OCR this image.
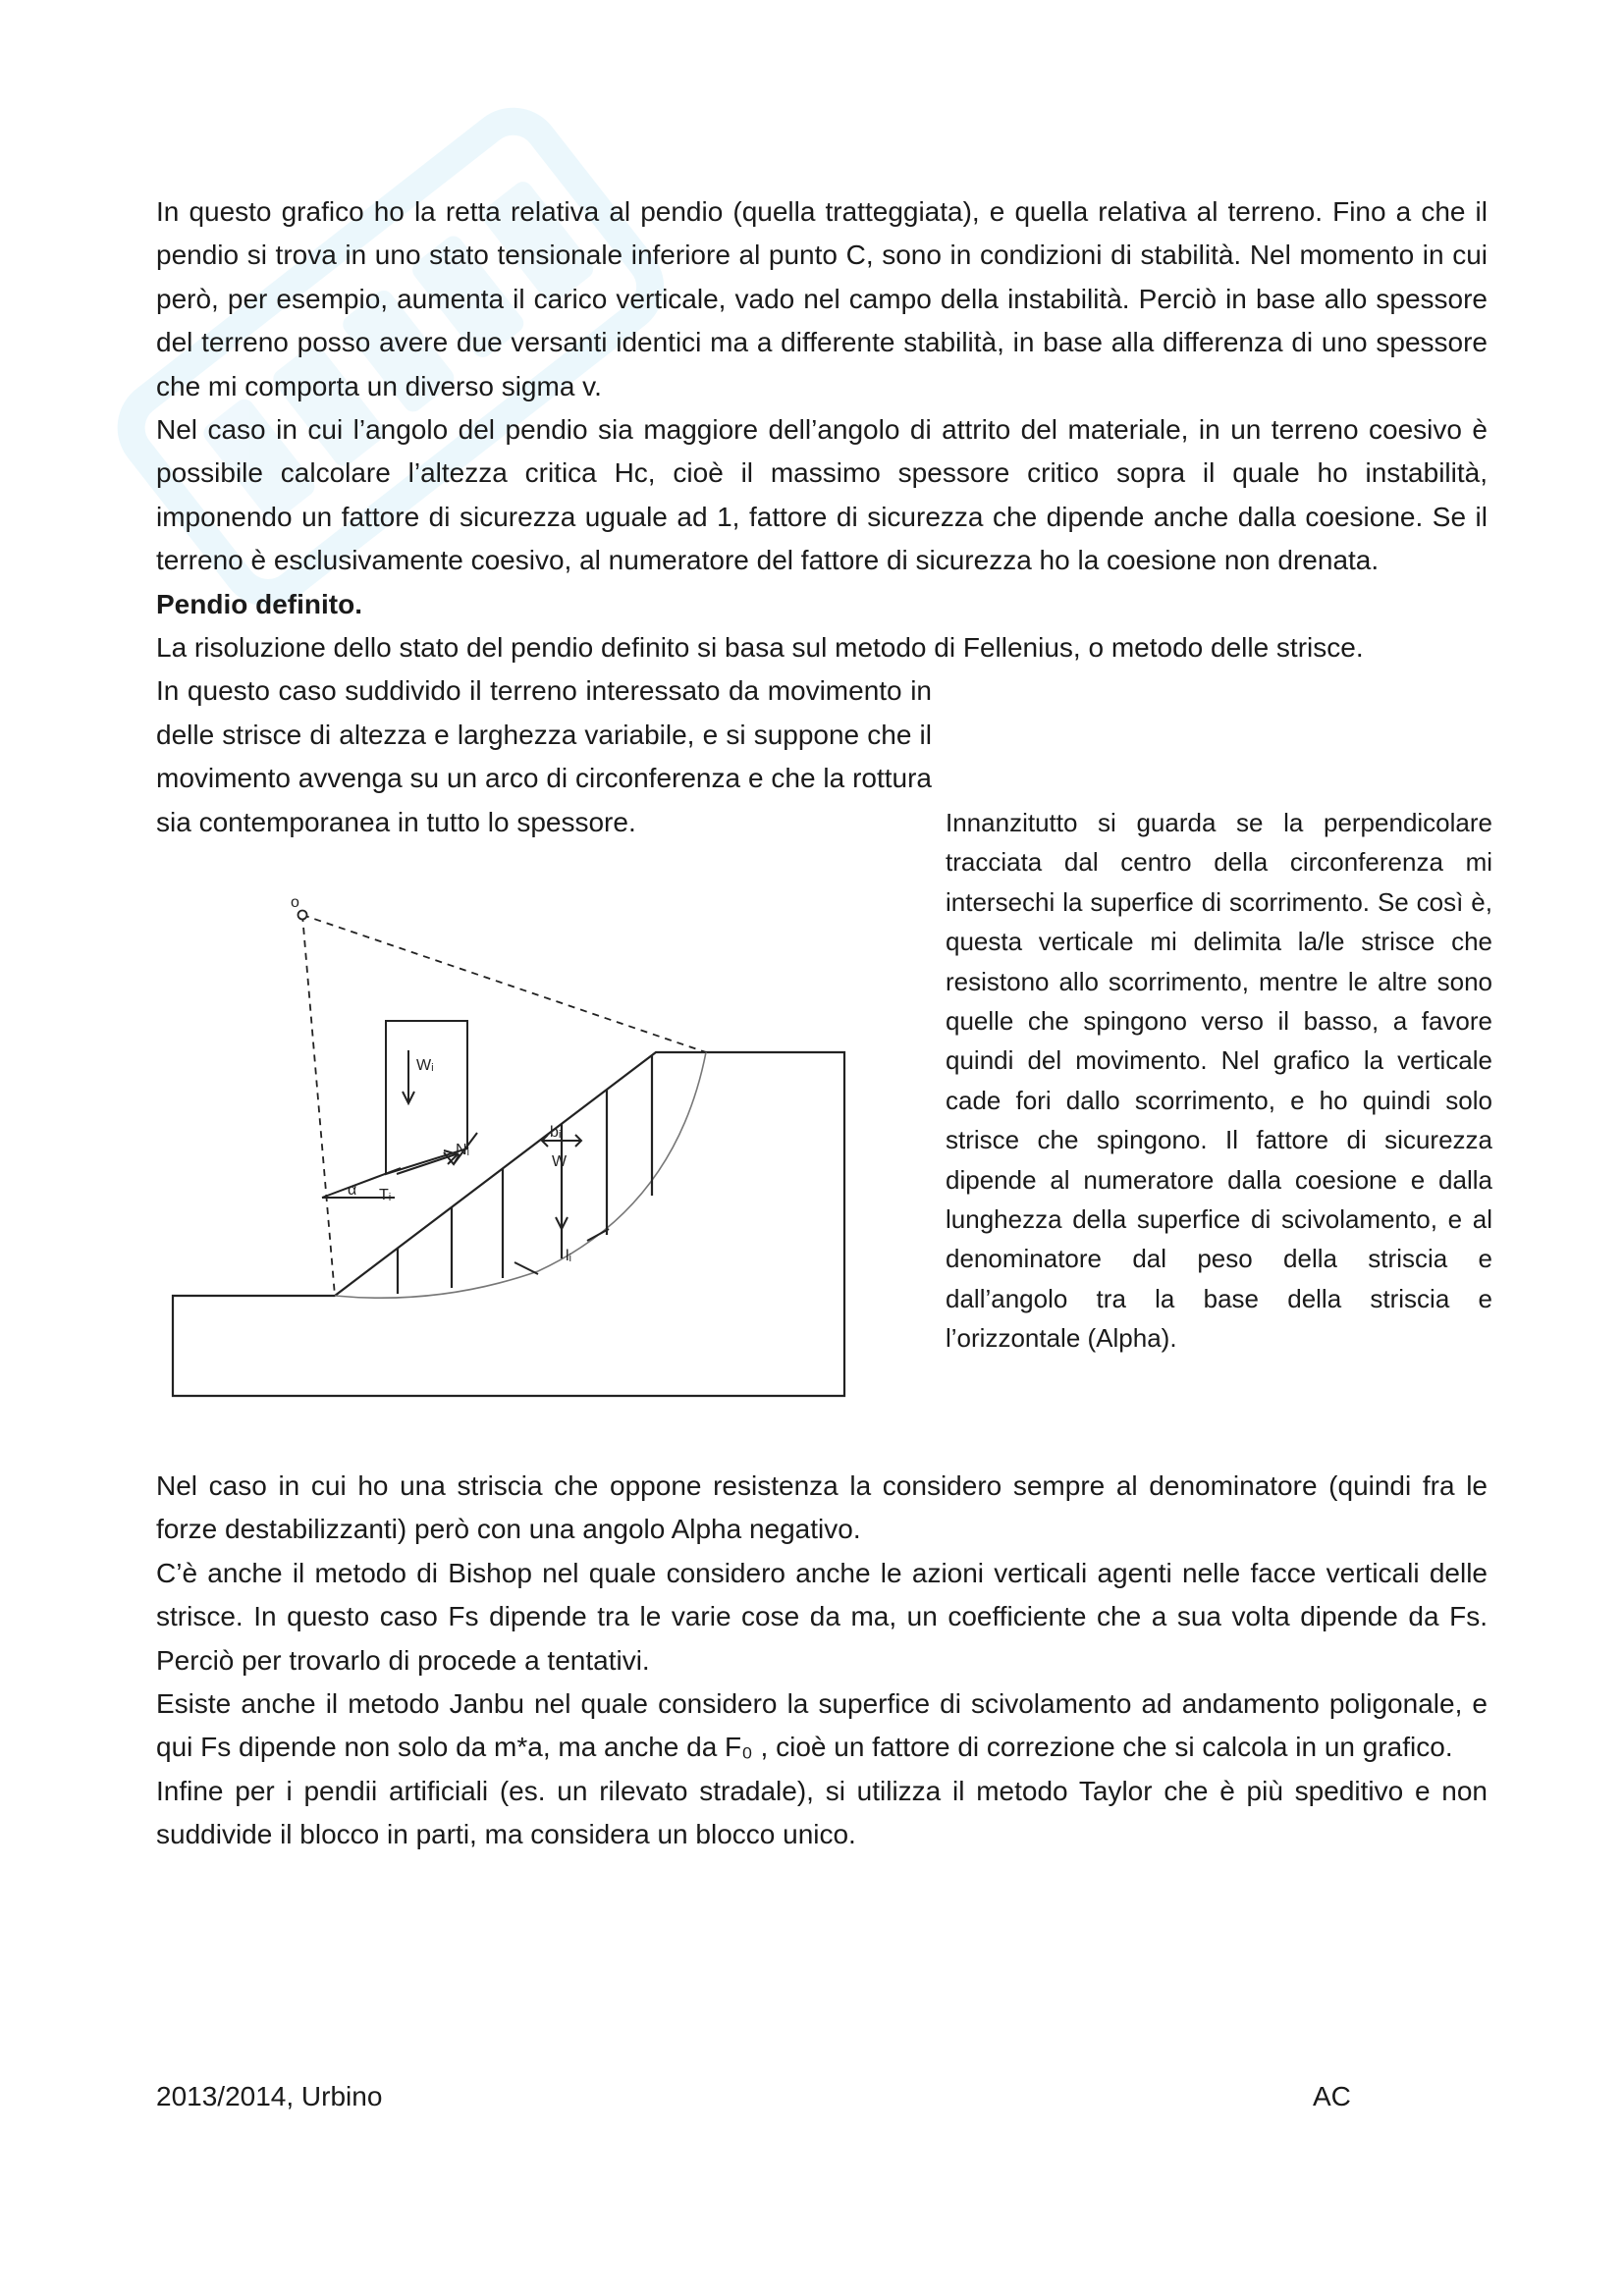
In questo grafico ho la retta relativa al pendio (quella tratteggiata), e quella relativa al terreno. Fino a che il pendio si trova in uno stato tensionale inferiore al punto C, sono in condizioni di stabilità. Nel momento in cui però, per esempio, aumenta il carico verticale, vado nel campo della instabilità. Perciò in base allo spessore del terreno posso avere due versanti identici ma a differente stabilità, in base alla differenza di uno spessore che mi comporta un diverso sigma v.

Nel caso in cui l’angolo del pendio sia maggiore dell’angolo di attrito del materiale, in un terreno coesivo è possibile calcolare l’altezza critica Hc, cioè il massimo spessore critico sopra il quale ho instabilità, imponendo un fattore di sicurezza uguale ad 1, fattore di sicurezza che dipende anche dalla coesione. Se il terreno è esclusivamente coesivo, al numeratore del fattore di sicurezza ho la coesione non drenata.

Pendio definito.

La risoluzione dello stato del pendio definito si basa sul metodo di Fellenius, o metodo delle strisce.

In questo caso suddivido il terreno interessato da movimento in delle strisce di altezza e larghezza variabile, e si suppone che il movimento avvenga su un arco di circonferenza e che la rottura sia contemporanea in tutto lo spessore.

o
Wᵢ
Nᵢ
Tᵢ
α
bᵢ
W
lᵢ

Innanzitutto si guarda se la perpendicolare tracciata dal centro della circonferenza mi intersechi la superfice di scorrimento. Se così è, questa verticale mi delimita la/le strisce che resistono allo scorrimento, mentre le altre sono quelle che spingono verso il basso, a favore quindi del movimento. Nel grafico la verticale cade fori dallo scorrimento, e ho quindi solo strisce che spingono. Il fattore di sicurezza dipende al numeratore dalla coesione e dalla lunghezza della superfice di scivolamento, e al denominatore dal peso della striscia e dall’angolo tra la base della striscia e l’orizzontale (Alpha).

Nel caso in cui ho una striscia che oppone resistenza la considero sempre al denominatore (quindi fra le forze destabilizzanti) però con una angolo Alpha negativo.

C’è anche il metodo di Bishop nel quale considero anche le azioni verticali agenti nelle facce verticali delle strisce. In questo caso Fs dipende tra le varie cose da ma, un coefficiente che a sua volta dipende da Fs. Perciò per trovarlo di procede a tentativi.

Esiste anche il metodo Janbu nel quale considero la superfice di scivolamento ad andamento poligonale, e qui Fs dipende non solo da m*a, ma anche da F₀ , cioè un fattore di correzione che si calcola in un grafico.

Infine per i pendii artificiali (es. un rilevato stradale), si utilizza il metodo Taylor che è più speditivo e non suddivide il blocco in parti, ma considera un blocco unico.

2013/2014, Urbino	AC
